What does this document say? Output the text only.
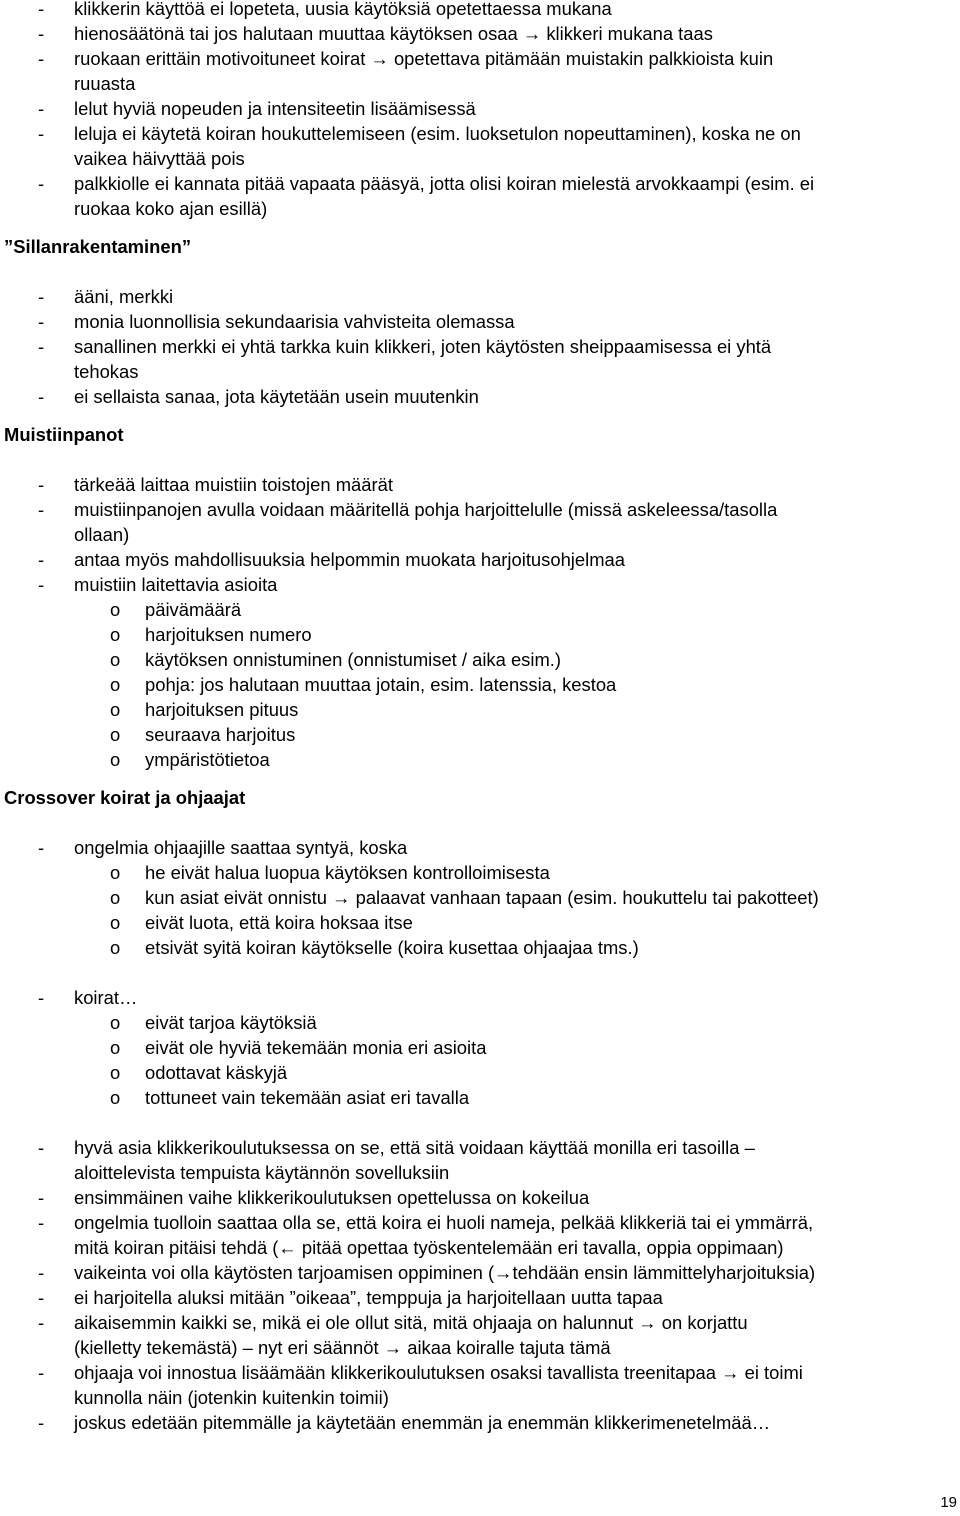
- klikkerin käyttöä ei lopeteta, uusia käytöksiä opetettaessa mukana
- hienosäätönä tai jos halutaan muuttaa käytöksen osaa → klikkeri mukana taas
- ruokaan erittäin motivoituneet koirat → opetettava pitämään muistakin palkkioista kuin
ruuasta
- lelut hyviä nopeuden ja intensiteetin lisäämisessä
- leluja ei käytetä koiran houkuttelemiseen (esim. luoksetulon nopeuttaminen), koska ne on
vaikea häivyttää pois
- palkkiolle ei kannata pitää vapaata pääsyä, jotta olisi koiran mielestä arvokkaampi (esim. ei
ruokaa koko ajan esillä)
”Sillanrakentaminen”
- ääni, merkki
- monia luonnollisia sekundaarisia vahvisteita olemassa
- sanallinen merkki ei yhtä tarkka kuin klikkeri, joten käytösten sheippaamisessa ei yhtä
tehokas
- ei sellaista sanaa, jota käytetään usein muutenkin
Muistiinpanot
- tärkeää laittaa muistiin toistojen määrät
- muistiinpanojen avulla voidaan määritellä pohja harjoittelulle (missä askeleessa/tasolla
ollaan)
- antaa myös mahdollisuuksia helpommin muokata harjoitusohjelmaa
- muistiin laitettavia asioita
o päivämäärä
o harjoituksen numero
o käytöksen onnistuminen (onnistumiset / aika esim.)
o pohja: jos halutaan muuttaa jotain, esim. latenssia, kestoa
o harjoituksen pituus
o seuraava harjoitus
o ympäristötietoa
Crossover koirat ja ohjaajat
- ongelmia ohjaajille saattaa syntyä, koska
o he eivät halua luopua käytöksen kontrolloimisesta
o kun asiat eivät onnistu → palaavat vanhaan tapaan (esim. houkuttelu tai pakotteet)
o eivät luota, että koira hoksaa itse
o etsivät syitä koiran käytökselle (koira kusettaa ohjaajaa tms.)
- koirat…
o eivät tarjoa käytöksiä
o eivät ole hyviä tekemään monia eri asioita
o odottavat käskyjä
o tottuneet vain tekemään asiat eri tavalla
- hyvä asia klikkerikoulutuksessa on se, että sitä voidaan käyttää monilla eri tasoilla –
aloittelevista tempuista käytännön sovelluksiin
- ensimmäinen vaihe klikkerikoulutuksen opettelussa on kokeilua
- ongelmia tuolloin saattaa olla se, että koira ei huoli nameja, pelkää klikkeriä tai ei ymmärrä,
mitä koiran pitäisi tehdä (← pitää opettaa työskentelemään eri tavalla, oppia oppimaan)
- vaikeinta voi olla käytösten tarjoamisen oppiminen (→tehdään ensin lämmittelyharjoituksia)
- ei harjoitella aluksi mitään ”oikeaa”, temppuja ja harjoitellaan uutta tapaa
- aikaisemmin kaikki se, mikä ei ole ollut sitä, mitä ohjaaja on halunnut → on korjattu
(kielletty tekemästä) – nyt eri säännöt → aikaa koiralle tajuta tämä
- ohjaaja voi innostua lisäämään klikkerikoulutuksen osaksi tavallista treenitapaa → ei toimi
kunnolla näin (jotenkin kuitenkin toimii)
- joskus edetään pitemmälle ja käytetään enemmän ja enemmän klikkerimenetelmää…
19
